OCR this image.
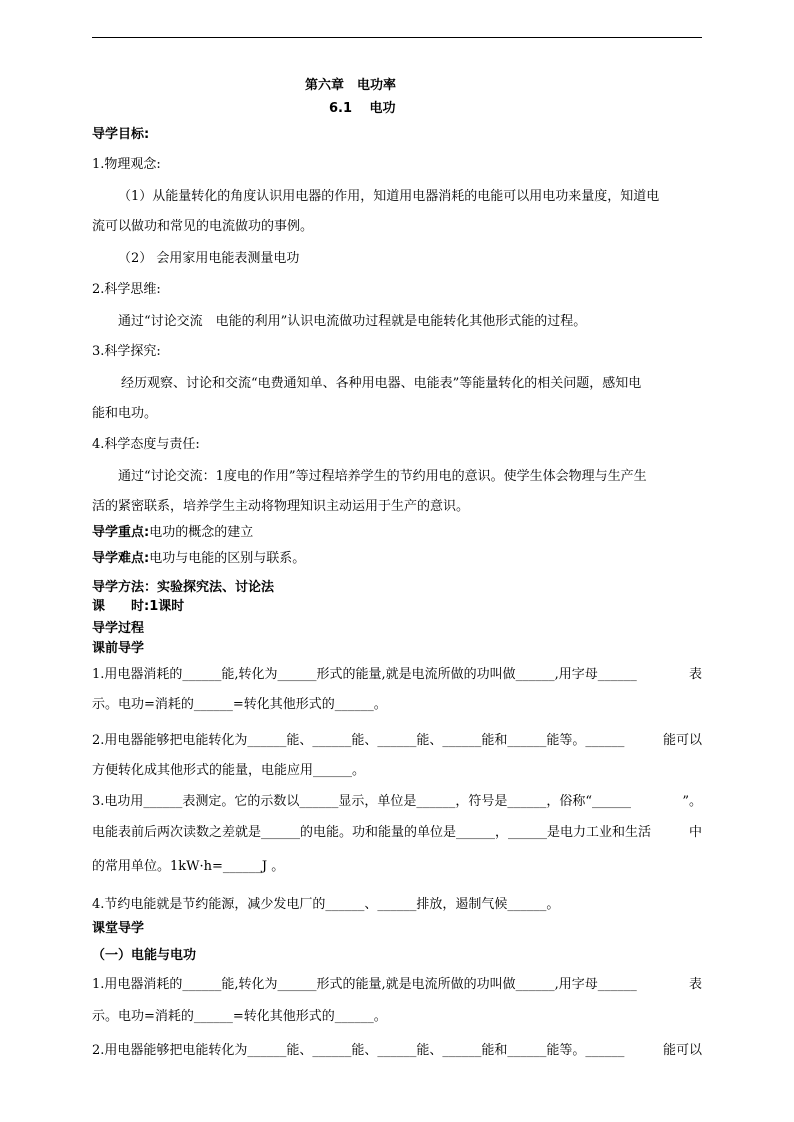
第六章　电功率
6.1　 电功
导学目标:
1.物理观念:
（1）从能量转化的角度认识用电器的作用，知道用电器消耗的电能可以用电功来量度，知道电
流可以做功和常见的电流做功的事例。
（2） 会用家用电能表测量电功
2.科学思维:
通过“讨论交流　电能的利用”认识电流做功过程就是电能转化其他形式能的过程。
3.科学探究:
经历观察、讨论和交流“电费通知单、各种用电器、电能表”等能量转化的相关问题，感知电
能和电功。
4.科学态度与责任:
通过“讨论交流：1度电的作用”等过程培养学生的节约用电的意识。使学生体会物理与生产生
活的紧密联系，培养学生主动将物理知识主动运用于生产的意识。
导学重点:电功的概念的建立
导学难点:电功与电能的区别与联系。
导学方法：实验探究法、讨论法
课　　时:1课时
导学过程
课前导学
1.用电器消耗的______能,转化为______形式的能量,就是电流所做的功叫做______,用字母______	表
示。电功=消耗的______=转化其他形式的______。
2.用电器能够把电能转化为______能、______能、______能、______能和______能等。______	能可以
方便转化成其他形式的能量，电能应用______。
3.电功用______表测定。它的示数以______显示，单位是______，符号是______，俗称“______	”。
电能表前后两次读数之差就是______的电能。功和能量的单位是______，______是电力工业和生活	中
的常用单位。1kW·h=______J 。
4.节约电能就是节约能源，减少发电厂的______、______排放，遏制气候______。
课堂导学
（一）电能与电功
1.用电器消耗的______能,转化为______形式的能量,就是电流所做的功叫做______,用字母______	表
示。电功=消耗的______=转化其他形式的______。
2.用电器能够把电能转化为______能、______能、______能、______能和______能等。______	能可以
